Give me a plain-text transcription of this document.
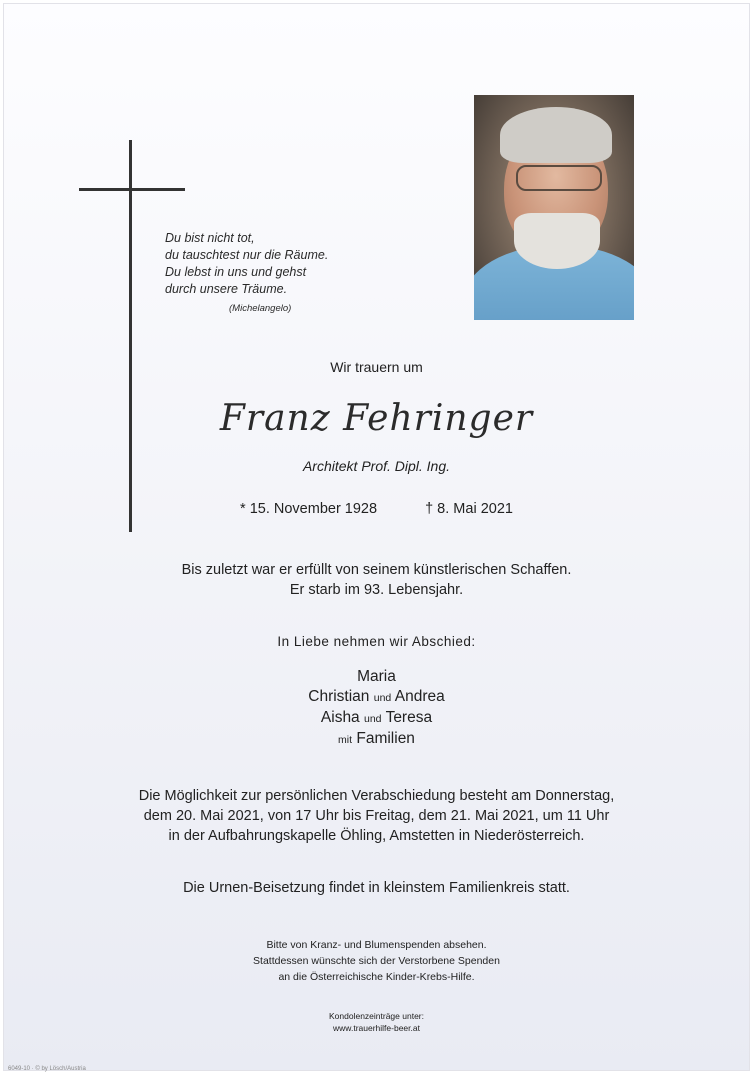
Du bist nicht tot,
du tauschtest nur die Räume.
Du lebst in uns und gehst
durch unsere Träume.
(Michelangelo)
Wir trauern um
Franz Fehringer
Architekt Prof. Dipl. Ing.
* 15. November 1928	† 8. Mai 2021
Bis zuletzt war er erfüllt von seinem künstlerischen Schaffen.
Er starb im 93. Lebensjahr.
In Liebe nehmen wir Abschied:
Maria
Christian und Andrea
Aisha und Teresa
mit Familien
Die Möglichkeit zur persönlichen Verabschiedung besteht am Donnerstag,
dem 20. Mai 2021, von 17 Uhr bis Freitag, dem 21. Mai 2021, um 11 Uhr
in der Aufbahrungskapelle Öhling, Amstetten in Niederösterreich.
Die Urnen-Beisetzung findet in kleinstem Familienkreis statt.
Bitte von Kranz- und Blumenspenden absehen.
Stattdessen wünschte sich der Verstorbene Spenden
an die Österreichische Kinder-Krebs-Hilfe.
Kondolenzeinträge unter:
www.trauerhilfe-beer.at
6049-10 · © by Lösch/Austria
